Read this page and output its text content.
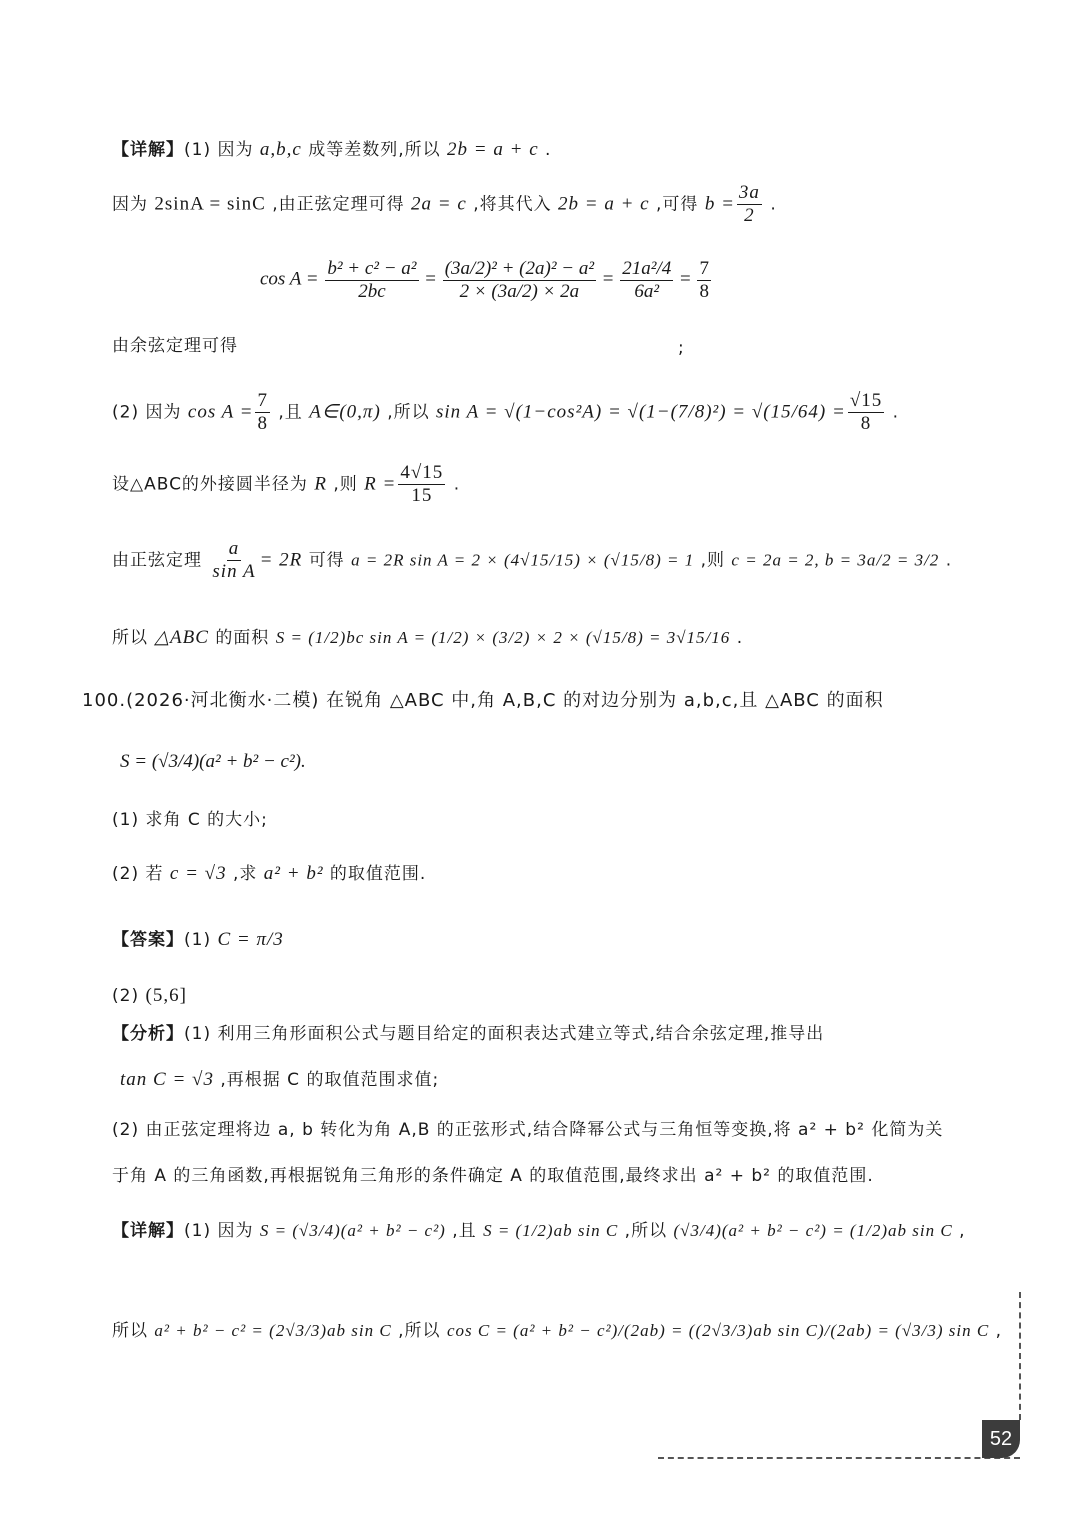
【详解】(1) 因为 a,b,c 成等差数列,所以 2b = a + c .
因为 2sinA = sinC ,由正弦定理可得 2a = c ,将其代入 2b = a + c ,可得 $b = \frac{3a}{2}$ .
$\cos A = \frac{\text{b² + c² − a²}}{2bc} = \frac{\text{(3a/2)² + (2a)² − a²}}{2 \times (3a/2) \times 2a} = \frac{\text{21a²/4}}{\text{6a²}} = \frac{7}{8}$
由余弦定理可得	;
(2) 因为 $\cos A = \frac{7}{8}$ ,且 A∈(0,π) ,所以 $\sin A = √(1-\cos^2A) = √(1-(7/8)^2) = √(15/64) = \frac{√15}{8}$ .
设△ABC的外接圆半径为 R ,则 $R = \frac{4√15}{15}$ .
由正弦定理 $\frac{a}{\text{sin A}} = 2R$ 可得 a = 2R sin A = 2 × (4√15/15) × (√15/8) = 1 ,则 c = 2a = 2, b = 3a/2 = 3/2 .
所以 △ABC 的面积 S = (1/2)bc sin A = (1/2) × (3/2) × 2 × (√15/8) = 3√15/16 .
100.(2026·河北衡水·二模) 在锐角 △ABC 中,角 A,B,C 的对边分别为 a,b,c,且 △ABC 的面积
S = (√3/4)(a² + b² − c²).
(1) 求角 C 的大小;
(2) 若 c = √3 ,求 a² + b² 的取值范围.
【答案】(1) C = π/3
(2) (5,6]
【分析】(1) 利用三角形面积公式与题目给定的面积表达式建立等式,结合余弦定理,推导出
tan C = √3 ,再根据 C 的取值范围求值;
(2) 由正弦定理将边 a, b 转化为角 A,B 的正弦形式,结合降幂公式与三角恒等变换,将 a² + b² 化简为关
于角 A 的三角函数,再根据锐角三角形的条件确定 A 的取值范围,最终求出 a² + b² 的取值范围.
【详解】(1) 因为 S = (√3/4)(a² + b² − c²) ,且 S = (1/2)ab sin C ,所以 (√3/4)(a² + b² − c²) = (1/2)ab sin C ,
所以 a² + b² − c² = (2√3/3)ab sin C ,所以 cos C = (a² + b² − c²)/(2ab) = ((2√3/3)ab sin C)/(2ab) = (√3/3) sin C ,
52
